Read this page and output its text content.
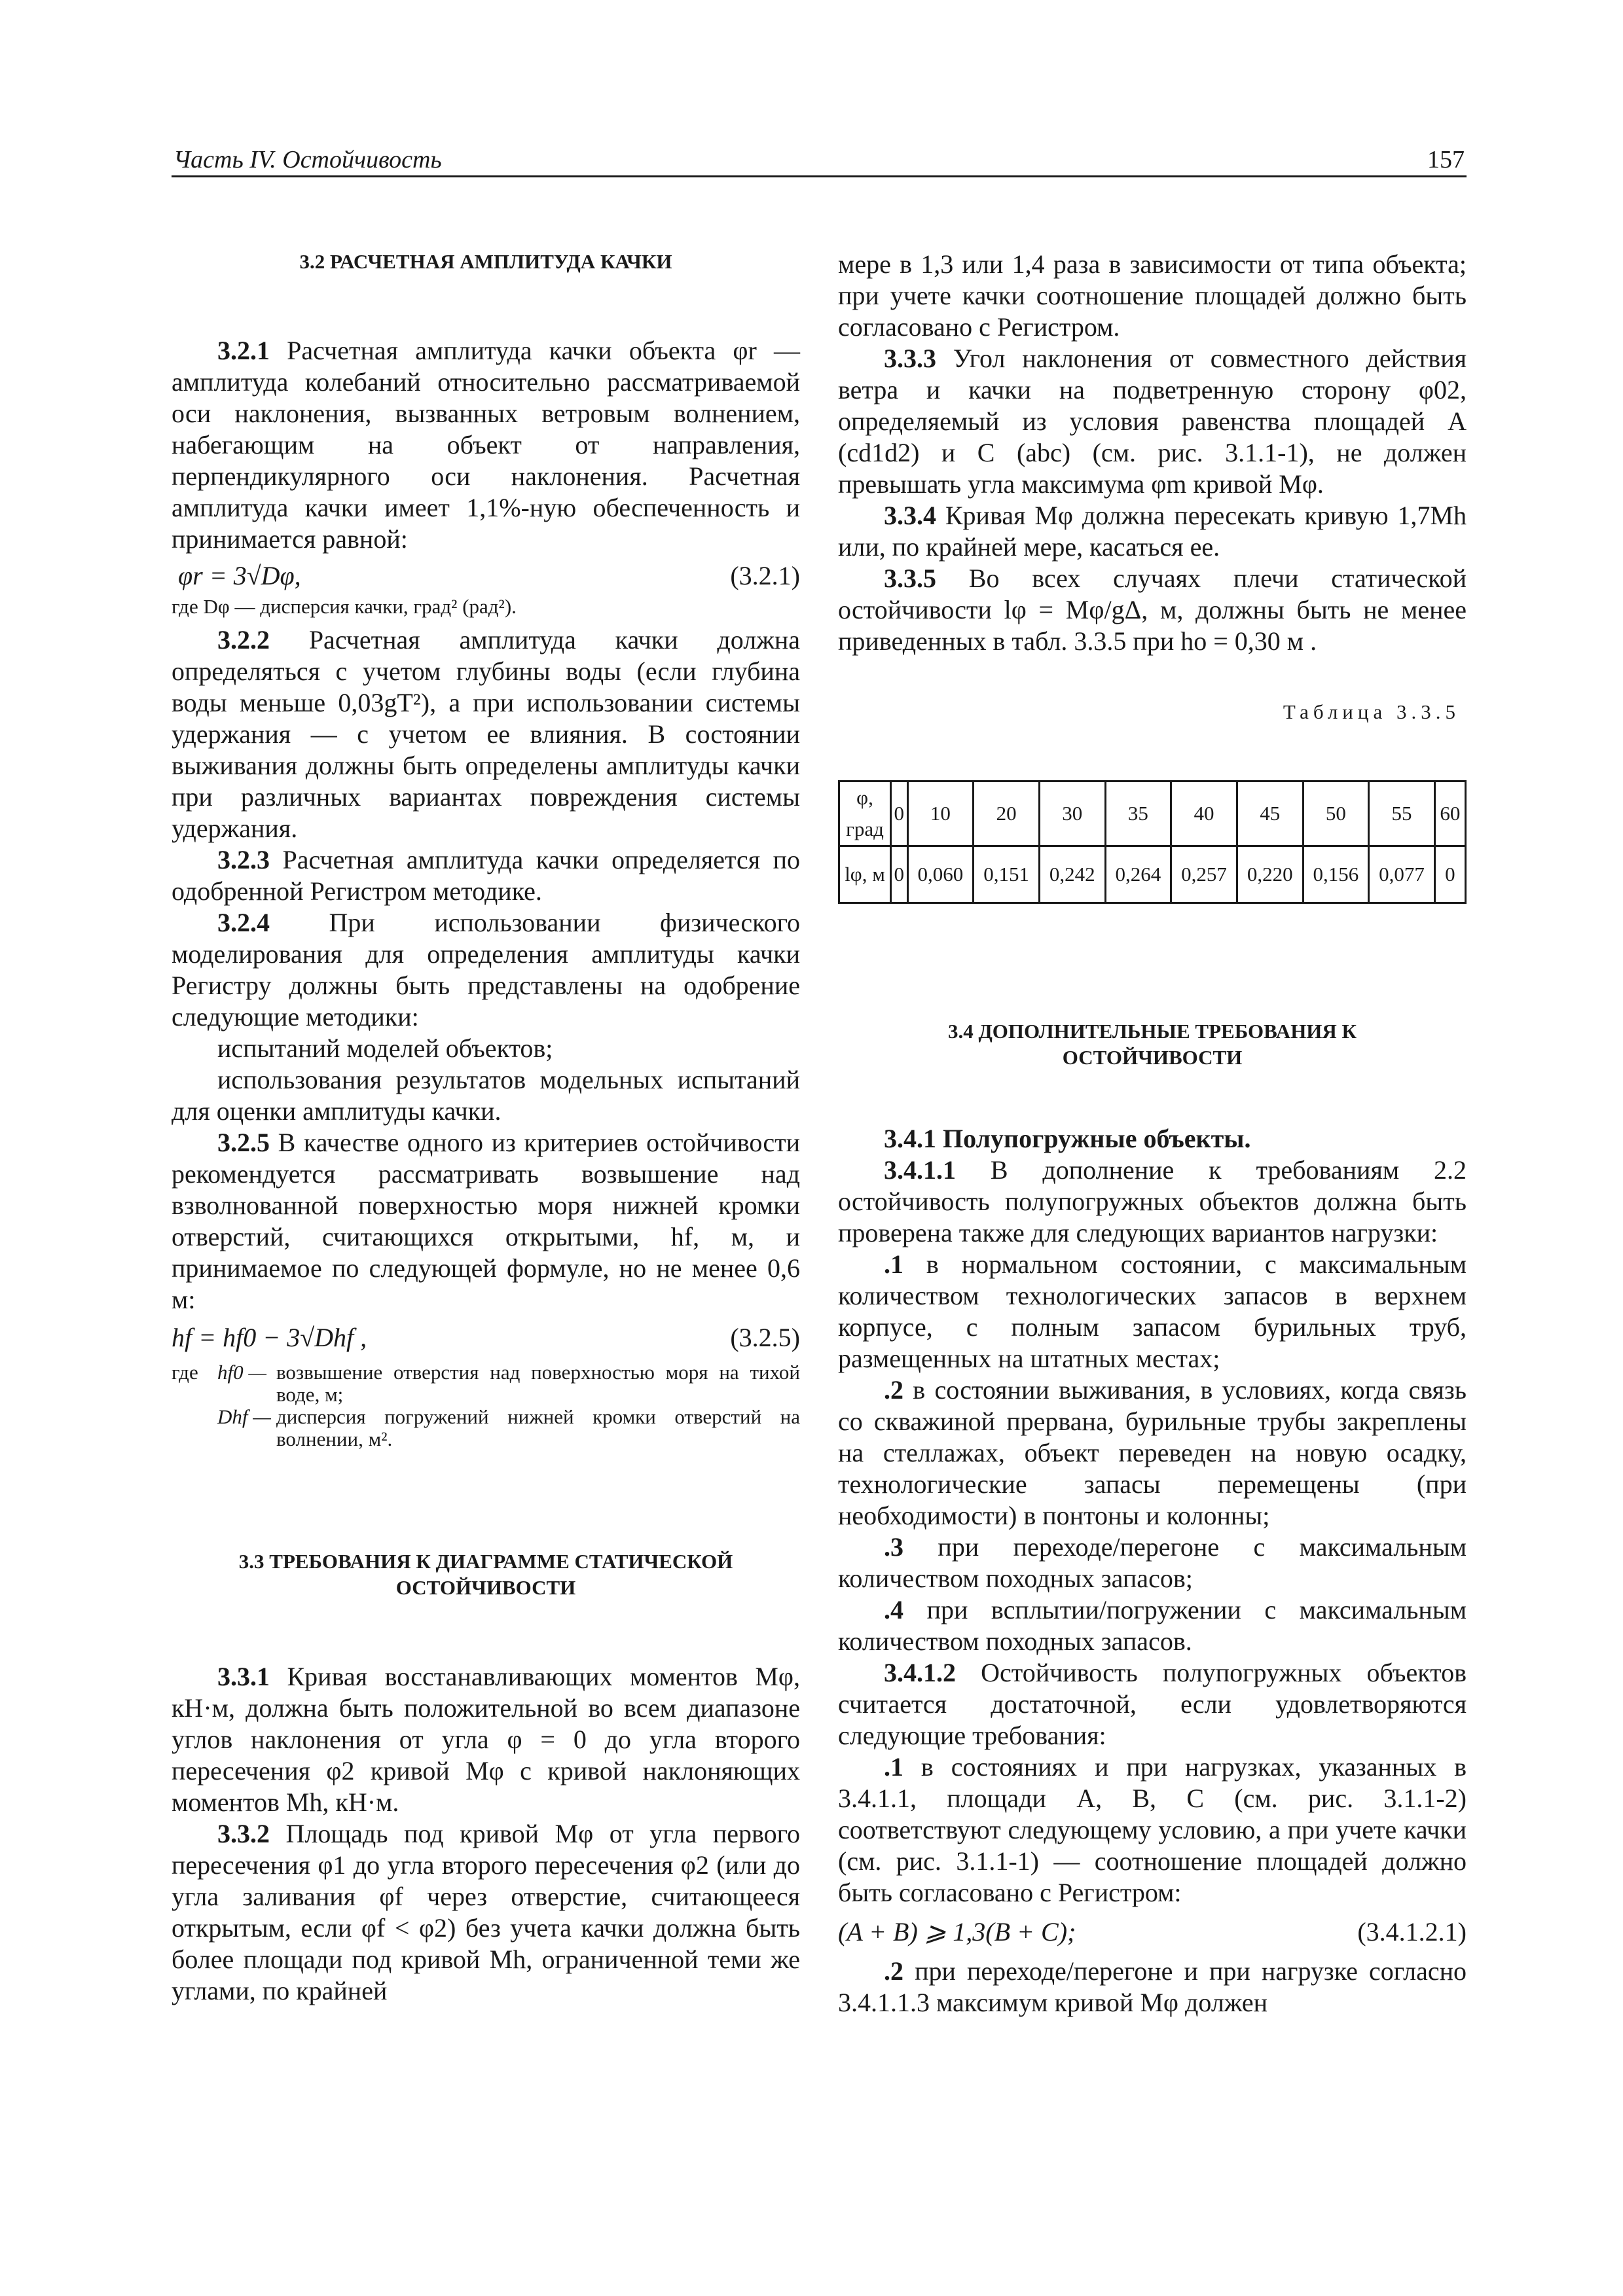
Часть IV. Остойчивость	157
3.2 РАСЧЕТНАЯ АМПЛИТУДА КАЧКИ

3.2.1 Расчетная амплитуда качки объекта φr — амплитуда колебаний относительно рассматриваемой оси наклонения, вызванных ветровым волнением, набегающим на объект от направления, перпендикулярного оси наклонения. Расчетная амплитуда качки имеет 1,1%-ную обеспеченность и принимается равной:

φr = 3√Dφ,	(3.2.1)
где Dφ — дисперсия качки, град² (рад²).

3.2.2 Расчетная амплитуда качки должна определяться с учетом глубины воды (если глубина воды меньше 0,03gT²), а при использовании системы удержания — с учетом ее влияния. В состоянии выживания должны быть определены амплитуды качки при различных вариантах повреждения системы удержания.

3.2.3 Расчетная амплитуда качки определяется по одобренной Регистром методике.

3.2.4 При использовании физического моделирования для определения амплитуды качки Регистру должны быть представлены на одобрение следующие методики:

испытаний моделей объектов;

использования результатов модельных испытаний для оценки амплитуды качки.

3.2.5 В качестве одного из критериев остойчивости рекомендуется рассматривать возвышение над взволнованной поверхностью моря нижней кромки отверстий, считающихся открытыми, hf, м, и принимаемое по следующей формуле, но не менее 0,6 м:

hf = hf0 − 3√Dhf ,	(3.2.5)
где hf0 — возвышение отверстия над поверхностью моря на тихой воде, м;
Dhf — дисперсия погружений нижней кромки отверстий на волнении, м².
3.3 ТРЕБОВАНИЯ К ДИАГРАММЕ СТАТИЧЕСКОЙ ОСТОЙЧИВОСТИ

3.3.1 Кривая восстанавливающих моментов Mφ, кН·м, должна быть положительной во всем диапазоне углов наклонения от угла φ = 0 до угла второго пересечения φ2 кривой Mφ с кривой наклоняющих моментов Mh, кН·м.

3.3.2 Площадь под кривой Mφ от угла первого пересечения φ1 до угла второго пересечения φ2 (или до угла заливания φf через отверстие, считающееся открытым, если φf < φ2) без учета качки должна быть более площади под кривой Mh, ограниченной теми же углами, по крайней

мере в 1,3 или 1,4 раза в зависимости от типа объекта; при учете качки соотношение площадей должно быть согласовано с Регистром.

3.3.3 Угол наклонения от совместного действия ветра и качки на подветренную сторону φ02, определяемый из условия равенства площадей A (cd1d2) и C (abc) (см. рис. 3.1.1-1), не должен превышать угла максимума φm кривой Mφ.

3.3.4 Кривая Mφ должна пересекать кривую 1,7Mh или, по крайней мере, касаться ее.

3.3.5 Во всех случаях плечи статической остойчивости lφ = Mφ/gΔ, м, должны быть не менее приведенных в табл. 3.3.5 при hо = 0,30 м .

Таблица 3.3.5
φ, град	0	10	20	30	35	40	45	50	55	60
lφ, м	0	0,060	0,151	0,242	0,264	0,257	0,220	0,156	0,077	0
3.4 ДОПОЛНИТЕЛЬНЫЕ ТРЕБОВАНИЯ К ОСТОЙЧИВОСТИ

3.4.1 Полупогружные объекты.

3.4.1.1 В дополнение к требованиям 2.2 остойчивость полупогружных объектов должна быть проверена также для следующих вариантов нагрузки:

.1 в нормальном состоянии, с максимальным количеством технологических запасов в верхнем корпусе, с полным запасом бурильных труб, размещенных на штатных местах;

.2 в состоянии выживания, в условиях, когда связь со скважиной прервана, бурильные трубы закреплены на стеллажах, объект переведен на новую осадку, технологические запасы перемещены (при необходимости) в понтоны и колонны;

.3 при переходе/перегоне с максимальным количеством походных запасов;

.4 при всплытии/погружении с максимальным количеством походных запасов.

3.4.1.2 Остойчивость полупогружных объектов считается достаточной, если удовлетворяются следующие требования:

.1 в состояниях и при нагрузках, указанных в 3.4.1.1, площади A, B, C (см. рис. 3.1.1-2) соответствуют следующему условию, а при учете качки (см. рис. 3.1.1-1) — соотношение площадей должно быть согласовано с Регистром:

(A + B) ⩾ 1,3(B + C);	(3.4.1.2.1)

.2 при переходе/перегоне и при нагрузке согласно 3.4.1.1.3 максимум кривой Mφ должен
